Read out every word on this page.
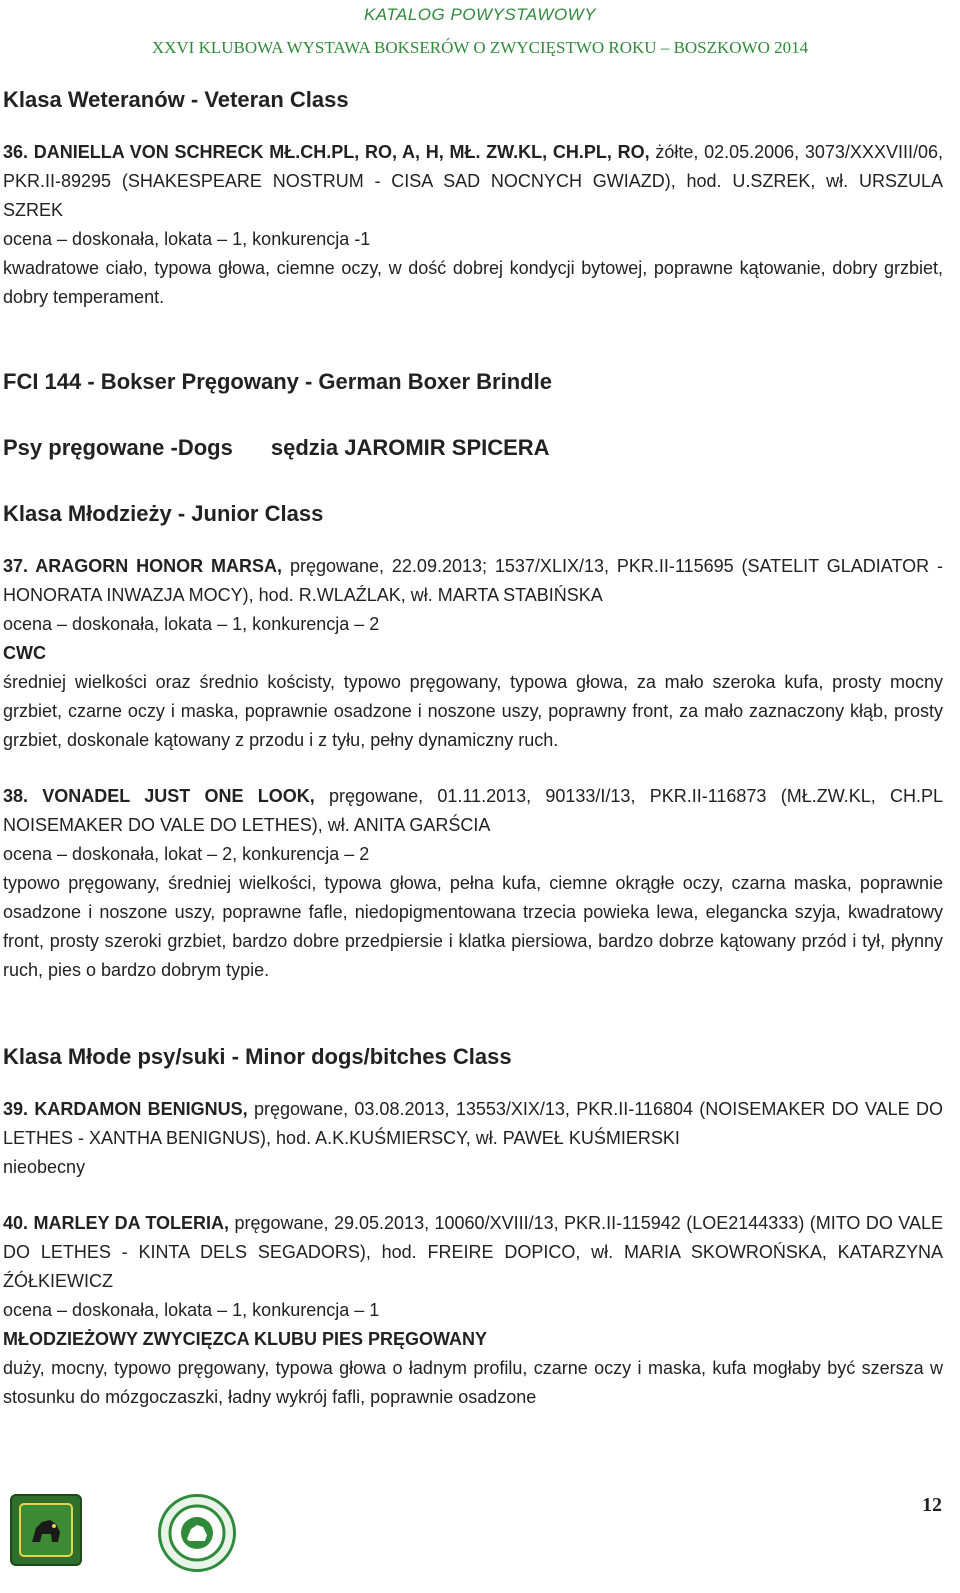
KATALOG POWYSTAWOWY
XXVI KLUBOWA WYSTAWA BOKSERÓW O ZWYCIĘSTWO ROKU – BOSZKOWO 2014
Klasa Weteranów - Veteran Class

36. DANIELLA VON SCHRECK MŁ.CH.PL, RO, A, H, MŁ. ZW.KL, CH.PL, RO, żółte, 02.05.2006, 3073/XXXVIII/06, PKR.II-89295 (SHAKESPEARE NOSTRUM - CISA SAD NOCNYCH GWIAZD), hod. U.SZREK, wł. URSZULA SZREK

ocena – doskonała, lokata – 1, konkurencja -1

kwadratowe ciało, typowa głowa, ciemne oczy, w dość dobrej kondycji bytowej, poprawne kątowanie, dobry grzbiet, dobry temperament.

FCI 144 - Bokser Pręgowany - German Boxer Brindle
Psy pręgowane -Dogs sędzia JAROMIR SPICERA
Klasa Młodzieży - Junior Class

37. ARAGORN HONOR MARSA, pręgowane, 22.09.2013; 1537/XLIX/13, PKR.II-115695 (SATELIT GLADIATOR - HONORATA INWAZJA MOCY), hod. R.WLAŹLAK, wł. MARTA STABIŃSKA

ocena – doskonała, lokata – 1, konkurencja – 2

CWC

średniej wielkości oraz średnio kościsty, typowo pręgowany, typowa głowa, za mało szeroka kufa, prosty mocny grzbiet, czarne oczy i maska, poprawnie osadzone i noszone uszy, poprawny front, za mało zaznaczony kłąb, prosty grzbiet, doskonale kątowany z przodu i z tyłu, pełny dynamiczny ruch.

38. VONADEL JUST ONE LOOK, pręgowane, 01.11.2013, 90133/I/13, PKR.II-116873 (MŁ.ZW.KL, CH.PL NOISEMAKER DO VALE DO LETHES), wł. ANITA GARŚCIA

ocena – doskonała, lokat – 2, konkurencja – 2

typowo pręgowany, średniej wielkości, typowa głowa, pełna kufa, ciemne okrągłe oczy, czarna maska, poprawnie osadzone i noszone uszy, poprawne fafle, niedopigmentowana trzecia powieka lewa, elegancka szyja, kwadratowy front, prosty szeroki grzbiet, bardzo dobre przedpiersie i klatka piersiowa, bardzo dobrze kątowany przód i tył, płynny ruch, pies o bardzo dobrym typie.

Klasa Młode psy/suki - Minor dogs/bitches Class

39. KARDAMON BENIGNUS, pręgowane, 03.08.2013, 13553/XIX/13, PKR.II-116804 (NOISEMAKER DO VALE DO LETHES - XANTHA BENIGNUS), hod. A.K.KUŚMIERSCY, wł. PAWEŁ KUŚMIERSKI

nieobecny

40. MARLEY DA TOLERIA, pręgowane, 29.05.2013, 10060/XVIII/13, PKR.II-115942 (LOE2144333) (MITO DO VALE DO LETHES - KINTA DELS SEGADORS), hod. FREIRE DOPICO, wł. MARIA SKOWROŃSKA, KATARZYNA ŹÓŁKIEWICZ

ocena – doskonała, lokata – 1, konkurencja – 1

MŁODZIEŻOWY ZWYCIĘZCA KLUBU PIES PRĘGOWANY

duży, mocny, typowo pręgowany, typowa głowa o ładnym profilu, czarne oczy i maska, kufa mogłaby być szersza w stosunku do mózgoczaszki, ładny wykrój fafli, poprawnie osadzone

12
